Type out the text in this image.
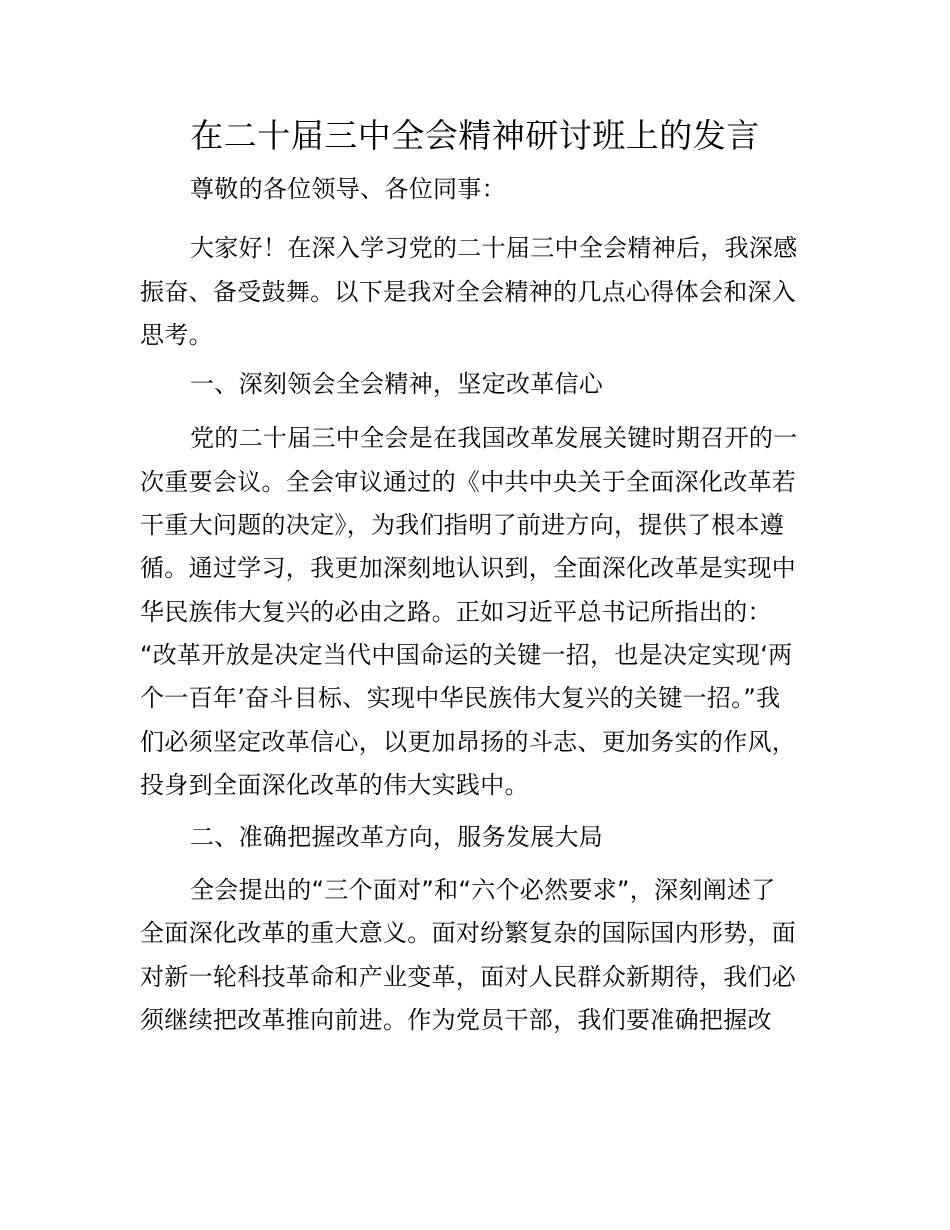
在二十届三中全会精神研讨班上的发言
尊敬的各位领导、各位同事：
大家好！在深入学习党的二十届三中全会精神后，我深感
振奋、备受鼓舞。以下是我对全会精神的几点心得体会和深入
思考。
一、深刻领会全会精神，坚定改革信心
党的二十届三中全会是在我国改革发展关键时期召开的一
次重要会议。全会审议通过的《中共中央关于全面深化改革若
干重大问题的决定》，为我们指明了前进方向，提供了根本遵
循。通过学习，我更加深刻地认识到，全面深化改革是实现中
华民族伟大复兴的必由之路。正如习近平总书记所指出的：
“改革开放是决定当代中国命运的关键一招，也是决定实现‘两
个一百年’奋斗目标、实现中华民族伟大复兴的关键一招。”我
们必须坚定改革信心，以更加昂扬的斗志、更加务实的作风，
投身到全面深化改革的伟大实践中。
二、准确把握改革方向，服务发展大局
全会提出的“三个面对”和“六个必然要求”，深刻阐述了
全面深化改革的重大意义。面对纷繁复杂的国际国内形势，面
对新一轮科技革命和产业变革，面对人民群众新期待，我们必
须继续把改革推向前进。作为党员干部，我们要准确把握改
